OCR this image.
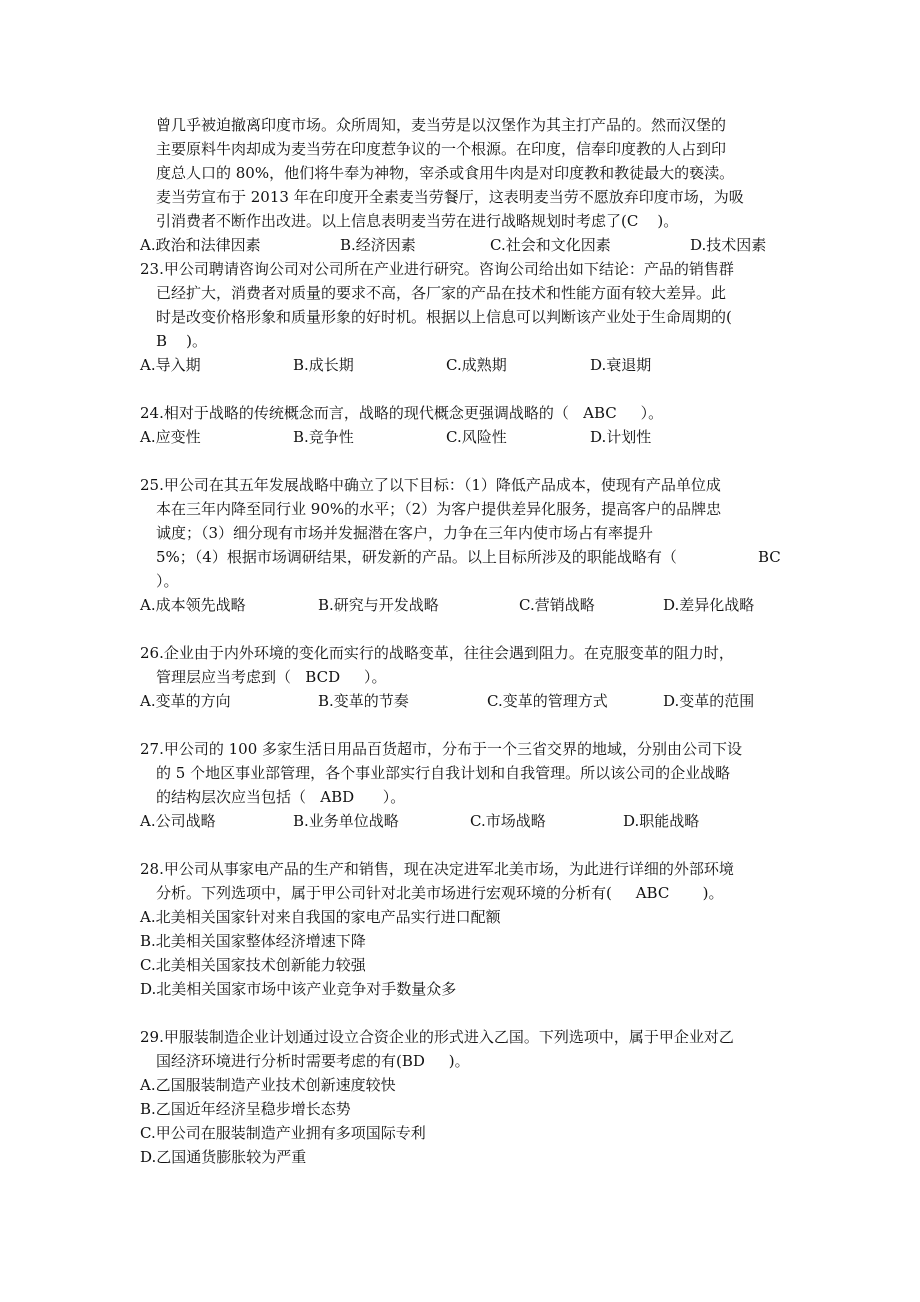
曾几乎被迫撤离印度市场。众所周知，麦当劳是以汉堡作为其主打产品的。然而汉堡的
主要原料牛肉却成为麦当劳在印度惹争议的一个根源。在印度，信奉印度教的人占到印
度总人口的 80%，他们将牛奉为神物，宰杀或食用牛肉是对印度教和教徒最大的亵渎。
麦当劳宣布于 2013 年在印度开全素麦当劳餐厅，这表明麦当劳不愿放弃印度市场，为吸
引消费者不断作出改进。以上信息表明麦当劳在进行战略规划时考虑了(C    )。
A.政治和法律因素	B.经济因素	C.社会和文化因素	D.技术因素
23.甲公司聘请咨询公司对公司所在产业进行研究。咨询公司给出如下结论：产品的销售群
已经扩大，消费者对质量的要求不高，各厂家的产品在技术和性能方面有较大差异。此
时是改变价格形象和质量形象的好时机。根据以上信息可以判断该产业处于生命周期的(
B    )。
A.导入期	B.成长期	C.成熟期	D.衰退期
24.相对于战略的传统概念而言，战略的现代概念更强调战略的（   ABC     ）。
A.应变性	B.竞争性	C.风险性	D.计划性
25.甲公司在其五年发展战略中确立了以下目标：（1）降低产品成本，使现有产品单位成
本在三年内降至同行业 90%的水平；（2）为客户提供差异化服务，提高客户的品牌忠
诚度；（3）细分现有市场并发掘潜在客户，力争在三年内使市场占有率提升
5%；（4）根据市场调研结果，研发新的产品。以上目标所涉及的职能战略有（	BC
）。
A.成本领先战略	B.研究与开发战略	C.营销战略	D.差异化战略
26.企业由于内外环境的变化而实行的战略变革，往往会遇到阻力。在克服变革的阻力时，
管理层应当考虑到（   BCD     ）。
A.变革的方向	B.变革的节奏	C.变革的管理方式	D.变革的范围
27.甲公司的 100 多家生活日用品百货超市，分布于一个三省交界的地域，分别由公司下设
的 5 个地区事业部管理，各个事业部实行自我计划和自我管理。所以该公司的企业战略
的结构层次应当包括（   ABD      ）。
A.公司战略	B.业务单位战略	C.市场战略	D.职能战略
28.甲公司从事家电产品的生产和销售，现在决定进军北美市场，为此进行详细的外部环境
分析。下列选项中，属于甲公司针对北美市场进行宏观环境的分析有(     ABC       )。
A.北美相关国家针对来自我国的家电产品实行进口配额
B.北美相关国家整体经济增速下降
C.北美相关国家技术创新能力较强
D.北美相关国家市场中该产业竞争对手数量众多
29.甲服装制造企业计划通过设立合资企业的形式进入乙国。下列选项中，属于甲企业对乙
国经济环境进行分析时需要考虑的有(BD     )。
A.乙国服装制造产业技术创新速度较快
B.乙国近年经济呈稳步增长态势
C.甲公司在服装制造产业拥有多项国际专利
D.乙国通货膨胀较为严重
